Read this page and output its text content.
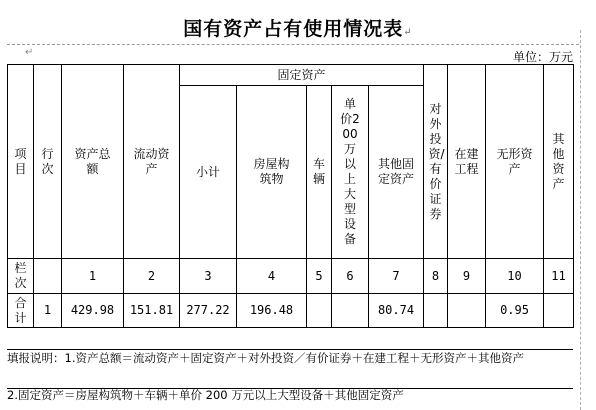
国有资产占有使用情况表↵
↵	单位：万元
项目	行次	资产总额	流动资产	固定资产					对外投资/有价证券	在建工程	无形资产	其他资产
				小计	房屋构筑物	车辆	单价200万以上大型设备	其他固定资产				
栏次		1	2	3	4	5	6	7	8	9	10	11
合计	1	429.98	151.81	277.22	196.48			80.74			0.95	
填报说明：1.资产总额＝流动资产＋固定资产＋对外投资／有价证券＋在建工程＋无形资产＋其他资产
2.固定资产＝房屋构筑物＋车辆＋单价 200 万元以上大型设备＋其他固定资产
